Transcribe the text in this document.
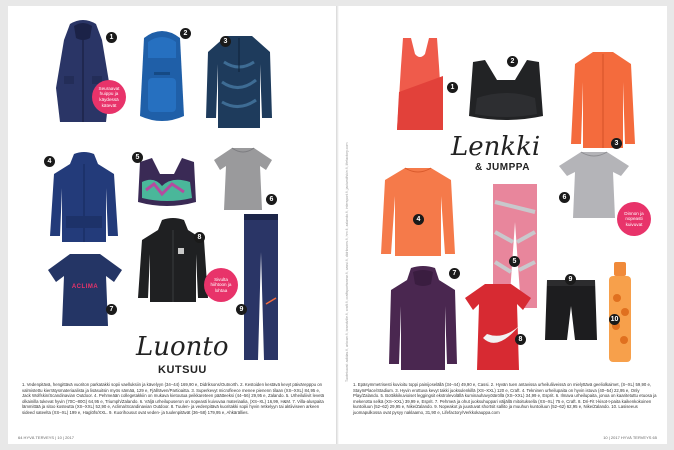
1
Seuraavat huippu ja käydessä kätevät
2
3
4
5
6
ACLIMA
7
8
Sivulta hiihtoon ja lohtaa
9
Luonto
KUTSUU
1. Vedenpitävä, hengittävä vuoriton parkatakki sopii vaelluksiin ja kävelyyn (34–44) 169,90 e, Didriksons/Outnorth. 2. Kestoiden kestävä kevyt päivärepppu on valmistettu kierrätysmateriaalista ja lisäsuitsin myös sämää, 129 e, Fjällräven/Partioaitta. 3. Superkevyt microfleece menee pienenn tilaan (XS–XXL) 84,95 e, Jack Wolfskin/Scandinavian Outdoor. 4. Pehmeään collegetakkiin on mukava kietoutua peikkareteen päätteeksi (44–56) 29,95 e, Zalando. 5. Urheiluliivit levetä olkainilla tukevat hyvin (70C–80G) 64,95 e, Triumph/Zalando. 6. Väljä urheilupuseron on nopeasti kuivuvaa materiaalia, (XS–XL) 16,99, H&M. 7. Villa-aluspaita lämmittää ja sitoo kosteutta (XS–XXL) 52,90 e, Aclima/Scandinavian Outdoor. 8. Tuulen- ja vedenpitävä kuoritakki sopii hyvin retkelyyn tai aktiiviseen arkeen sideed sateelta (XS–XL) 199 e, Haglöfs/XXL. 9. Kuorihousut ovat veden- ja tuulenpitävät (36–58) 179,95 e, Ahkärällies.
64 HYVÄ TERVEYS | 10 | 2017
Tuotekuvat: adidas.fi, arkcan.fi, brandville.fi, craft.fi, craftsportswear.fi, cassi.fi, didriksons.fi, hm.fi, zalando.fi, intersport.fi, jackwolfskin.fi, lifefactory.com
1
2
3
Lenkki
& JUMPPA
4
5
6
Dinnon ja nopeasti kuivuvat
7
8
9
10
1. Epäsymmetrisesti kuvioitu toppi painijoselällä (34–44) 49,90 e, Cassi. 2. Hyvän tuen antavissa urheiluliiveissä on mielyttävä geeliolkaimet, (S–XL) 59,90 e, StayInPlace/Stadium. 3. Hyvin erottuva kevyt takki juoksulenkillä (XS–XXL) 120 e, Craft. 4. Tekninen urheilupaita on hyvin istuva (40–54) 22,95 e, Only Play/Zalando. 5. Bottikkikuvioiset leggingsit ekstrolevolällä kuminauhavyötäröllä (XS–XXL) 34,99 e, Esprit. 6. Ilmava urheilupaita, jonoa on kaaritetuttu etuosa ja mekerotta selkä (XS–XXL) 39,99 e, Esprit. 7. Pehmeä ja ohut juoksuhuppari väljällä mitoituksella (XS–XL) 75 e, Craft. 8. Dri-Fit t-kisot-t-paita kaikenkokoinen kuntoiluun (52–62) 29,95 e, Nike/Zalando. 9. Nopeakot ja juustuvat shortsit sallito ja muuhun kuntoiluun (52–62) 62,95 e, Nike/Zalando. 10. Lasiseeus juomapulkossa ovat pysyy naklaamo, 31,90 e, Lifefactory/Verkkokauppa.com
10 | 2017 HYVÄ TERVEYS 65
